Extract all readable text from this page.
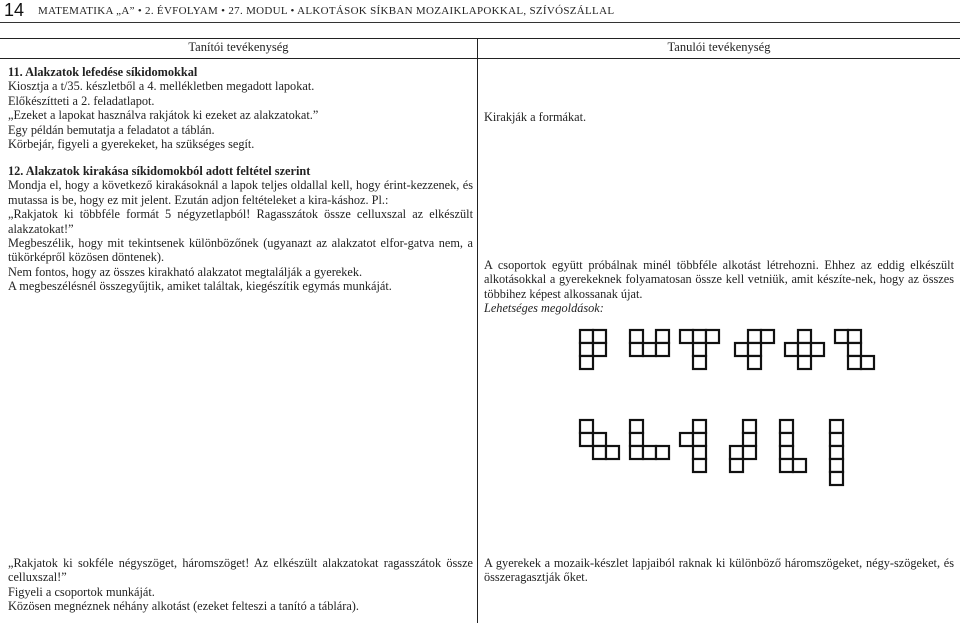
14 MATEMATIKA „A” • 2. ÉVFOLYAM • 27. MODUL • ALKOTÁSOK SÍKBAN MOZAIKLAPOKKAL, SZÍVÓSZÁLLAL
Tanítói tevékenység	Tanulói tevékenység

11. Alakzatok lefedése síkidomokkal

Kiosztja a t/35. készletből a 4. mellékletben megadott lapokat.

Előkészítteti a 2. feladatlapot.

„Ezeket a lapokat használva rakjátok ki ezeket az alakzatokat.”

Egy példán bemutatja a feladatot a táblán.

Körbejár, figyeli a gyerekeket, ha szükséges segít.

Kirakják a formákat.

12. Alakzatok kirakása síkidomokból adott feltétel szerint

Mondja el, hogy a következő kirakásoknál a lapok teljes oldallal kell, hogy érint-kezzenek, és mutassa is be, hogy ez mit jelent. Ezután adjon feltételeket a kira-káshoz. Pl.:

„Rakjatok ki többféle formát 5 négyzetlapból! Ragasszátok össze celluxszal az elkészült alakzatokat!”

Megbeszélik, hogy mit tekintsenek különbözőnek (ugyanazt az alakzatot elfor-gatva nem, a tükörképről közösen döntenek).

Nem fontos, hogy az összes kirakható alakzatot megtalálják a gyerekek.

A megbeszélésnél összegyűjtik, amiket találtak, kiegészítik egymás munkáját.

A csoportok együtt próbálnak minél többféle alkotást létrehozni. Ehhez az eddig elkészült alkotásokkal a gyerekeknek folyamatosan össze kell vetniük, amit készíte-nek, hogy az összes többihez képest alkossanak újat.

Lehetséges megoldások:

„Rakjatok ki sokféle négyszöget, háromszöget! Az elkészült alakzatokat ragasszátok össze celluxszal!”

Figyeli a csoportok munkáját.

Közösen megnéznek néhány alkotást (ezeket felteszi a tanító a táblára).

A gyerekek a mozaik-készlet lapjaiból raknak ki különböző háromszögeket, négy-szögeket, és összeragasztják őket.
